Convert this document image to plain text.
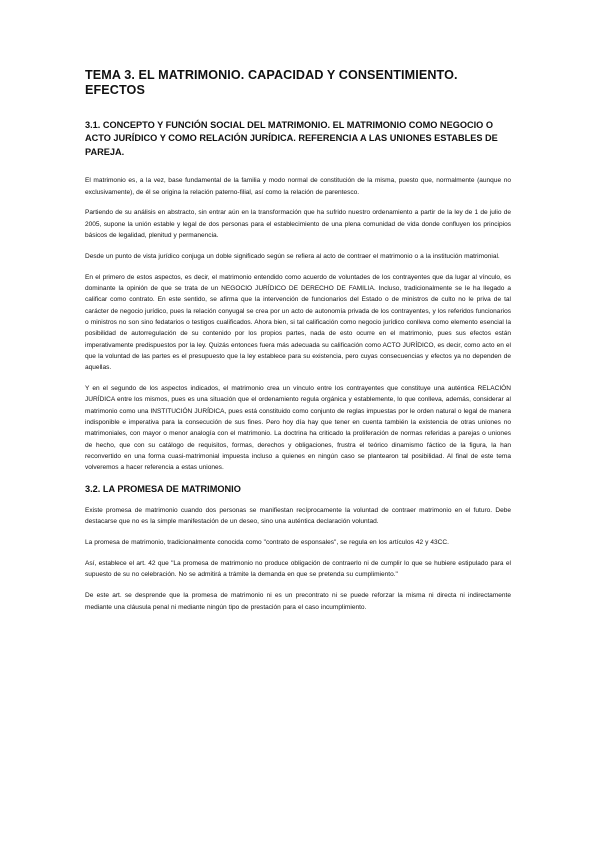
TEMA 3. EL MATRIMONIO. CAPACIDAD Y CONSENTIMIENTO. EFECTOS
3.1. CONCEPTO Y FUNCIÓN SOCIAL DEL MATRIMONIO. EL MATRIMONIO COMO NEGOCIO O ACTO JURÍDICO Y COMO RELACIÓN JURÍDICA. REFERENCIA A LAS UNIONES ESTABLES DE PAREJA.

El matrimonio es, a la vez, base fundamental de la familia y modo normal de constitución de la misma, puesto que, normalmente (aunque no exclusivamente), de él se origina la relación paterno-filial, así como la relación de parentesco.

Partiendo de su análisis en abstracto, sin entrar aún en la transformación que ha sufrido nuestro ordenamiento a partir de la ley de 1 de julio de 2005, supone la unión estable y legal de dos personas para el establecimiento de una plena comunidad de vida donde confluyen los principios básicos de legalidad, plenitud y permanencia.

Desde un punto de vista jurídico conjuga un doble significado según se refiera al acto de contraer el matrimonio o a la institución matrimonial.

En el primero de estos aspectos, es decir, el matrimonio entendido como acuerdo de voluntades de los contrayentes que da lugar al vínculo, es dominante la opinión de que se trata de un NEGOCIO JURÍDICO DE DERECHO DE FAMILIA. Incluso, tradicionalmente se le ha llegado a calificar como contrato. En este sentido, se afirma que la intervención de funcionarios del Estado o de ministros de culto no le priva de tal carácter de negocio jurídico, pues la relación conyugal se crea por un acto de autonomía privada de los contrayentes, y los referidos funcionarios o ministros no son sino fedatarios o testigos cualificados. Ahora bien, si tal calificación como negocio jurídico conlleva como elemento esencial la posibilidad de autorregulación de su contenido por los propios partes, nada de esto ocurre en el matrimonio, pues sus efectos están imperativamente predispuestos por la ley. Quizás entonces fuera más adecuada su calificación como ACTO JURÍDICO, es decir, como acto en el que la voluntad de las partes es el presupuesto que la ley establece para su existencia, pero cuyas consecuencias y efectos ya no dependen de aquellas.

Y en el segundo de los aspectos indicados, el matrimonio crea un vínculo entre los contrayentes que constituye una auténtica RELACIÓN JURÍDICA entre los mismos, pues es una situación que el ordenamiento regula orgánica y establemente, lo que conlleva, además, considerar al matrimonio como una INSTITUCIÓN JURÍDICA, pues está constituido como conjunto de reglas impuestas por le orden natural o legal de manera indisponible e imperativa para la consecución de sus fines. Pero hoy día hay que tener en cuenta también la existencia de otras uniones no matrimoniales, con mayor o menor analogía con el matrimonio. La doctrina ha criticado la proliferación de normas referidas a parejas o uniones de hecho, que con su catálogo de requisitos, formas, derechos y obligaciones, frustra el teórico dinamismo fáctico de la figura, la han reconvertido en una forma cuasi-matrimonial impuesta incluso a quienes en ningún caso se plantearon tal posibilidad. Al final de este tema volveremos a hacer referencia a estas uniones.

3.2. LA PROMESA DE MATRIMONIO

Existe promesa de matrimonio cuando dos personas se manifiestan recíprocamente la voluntad de contraer matrimonio en el futuro. Debe destacarse que no es la simple manifestación de un deseo, sino una auténtica declaración voluntad.

La promesa de matrimonio, tradicionalmente conocida como "contrato de esponsales", se regula en los artículos 42 y 43CC.

Así, establece el art. 42 que "La promesa de matrimonio no produce obligación de contraerlo ni de cumplir lo que se hubiere estipulado para el supuesto de su no celebración. No se admitirá a trámite la demanda en que se pretenda su cumplimiento."

De este art. se desprende que la promesa de matrimonio ni es un precontrato ni se puede reforzar la misma ni directa ni indirectamente mediante una cláusula penal ni mediante ningún tipo de prestación para el caso incumplimiento.
